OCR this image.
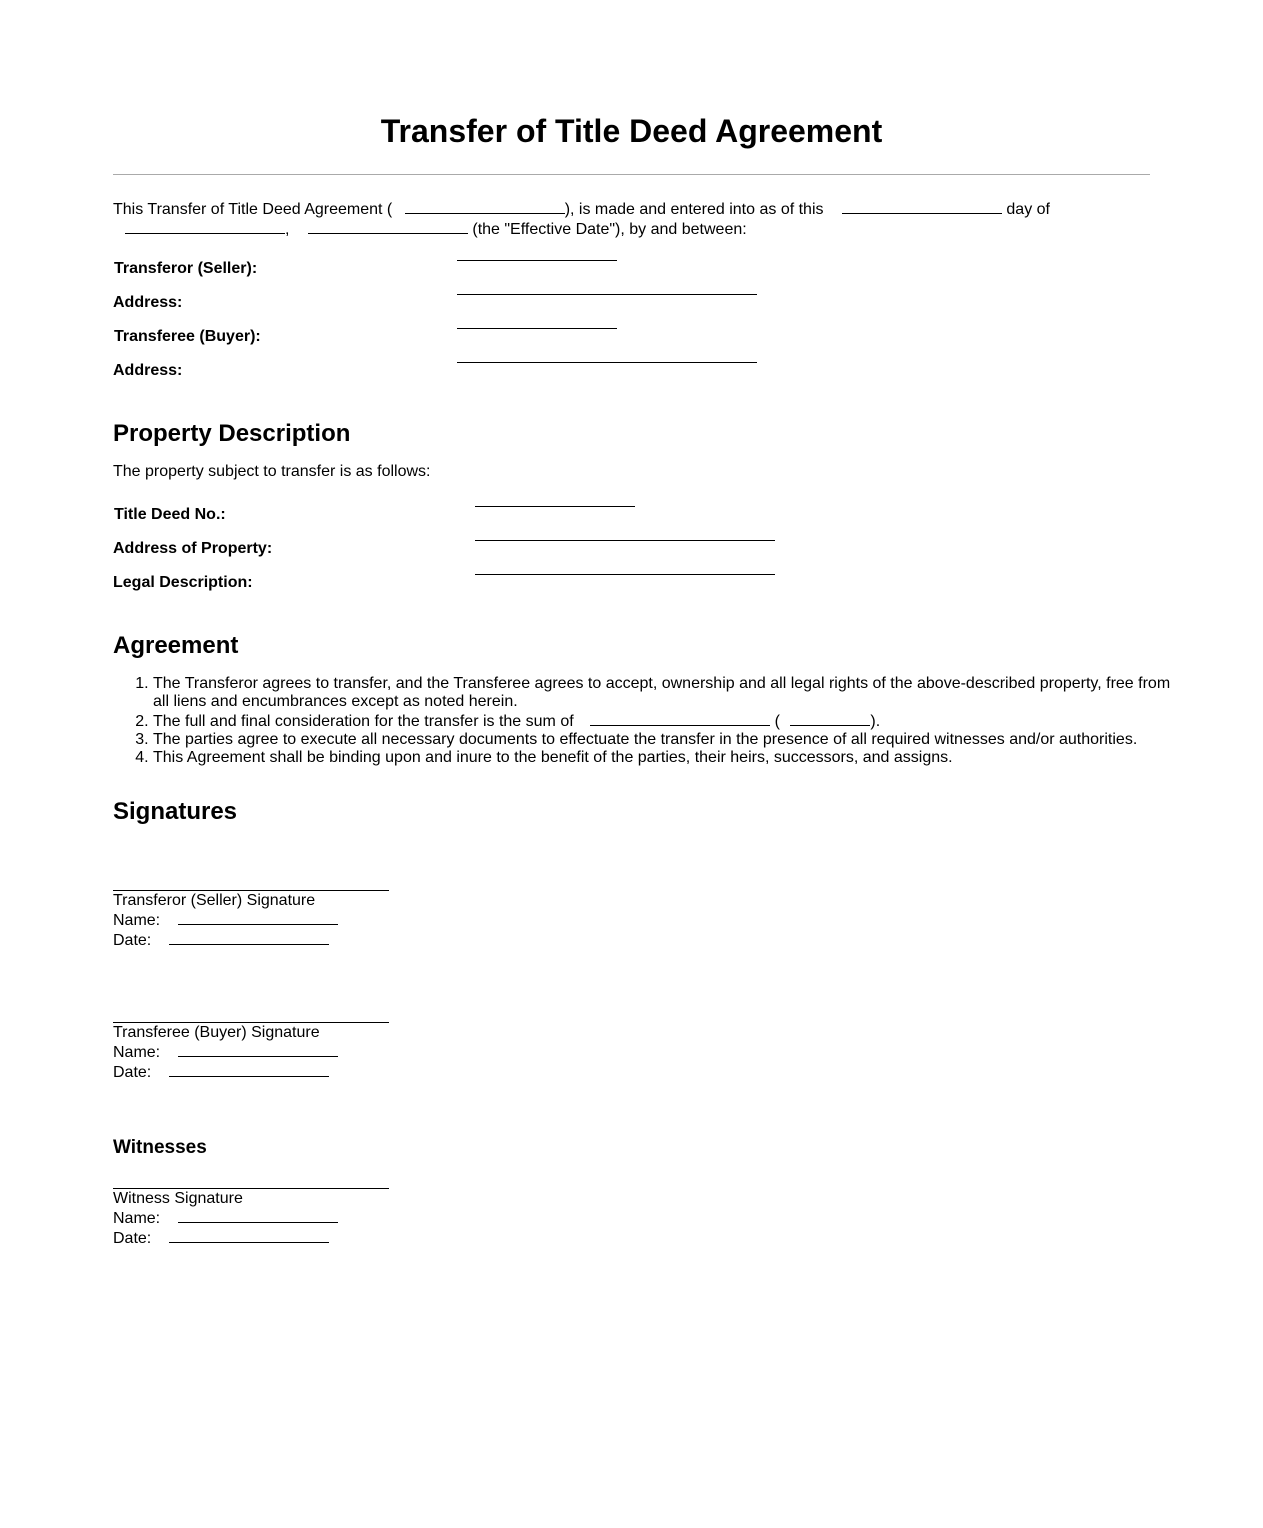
Transfer of Title Deed Agreement
This Transfer of Title Deed Agreement (	), is made and entered into as of this	day of
,	(the "Effective Date"), by and between:
Transferor (Seller):
Address:
Transferee (Buyer):
Address:
Property Description
The property subject to transfer is as follows:
Title Deed No.:
Address of Property:
Legal Description:
Agreement
1. The Transferor agrees to transfer, and the Transferee agrees to accept, ownership and all legal rights of the above-described property, free from all liens and encumbrances except as noted herein.
2. The full and final consideration for the transfer is the sum of	(	).
3. The parties agree to execute all necessary documents to effectuate the transfer in the presence of all required witnesses and/or authorities.
4. This Agreement shall be binding upon and inure to the benefit of the parties, their heirs, successors, and assigns.
Signatures
Transferor (Seller) Signature
Name:
Date:
Transferee (Buyer) Signature
Name:
Date:
Witnesses
Witness Signature
Name:
Date:
